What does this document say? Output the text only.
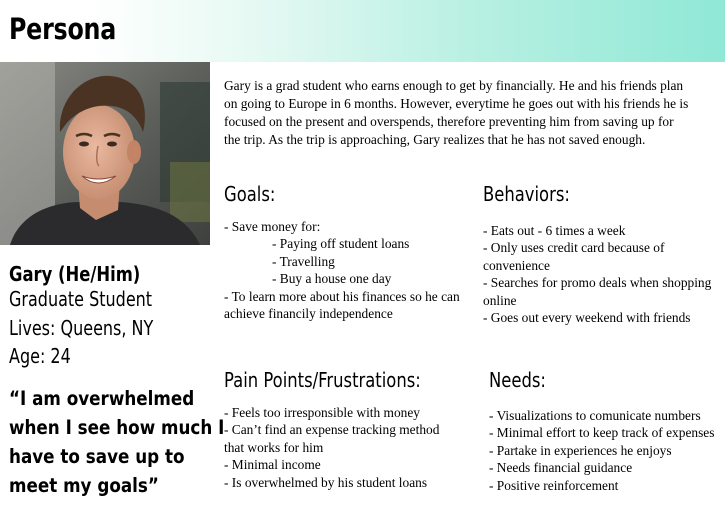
Persona
Gary (He/Him)
Graduate Student
Lives: Queens, NY
Age: 24
“I am overwhelmed
when I see how much I
have to save up to
meet my goals”
Gary is a grad student who earns enough to get by financially. He and his friends plan
on going to Europe in 6 months. However, everytime he goes out with his friends he is
focused on the present and overspends, therefore preventing him from saving up for
the trip. As the trip is approaching, Gary realizes that he has not saved enough.
Goals:
- Save money for:
- Paying off student loans
- Travelling
- Buy a house one day
- To learn more about his finances so he can
achieve financily independence
Behaviors:
- Eats out - 6 times a week
- Only uses credit card because of
convenience
- Searches for promo deals when shopping
online
- Goes out every weekend with friends
Pain Points/Frustrations:
- Feels too irresponsible with money
- Can’t find an expense tracking method
that works for him
- Minimal income
- Is overwhelmed by his student loans
Needs:
- Visualizations to comunicate numbers
- Minimal effort to keep track of expenses
- Partake in experiences he enjoys
- Needs financial guidance
- Positive reinforcement
